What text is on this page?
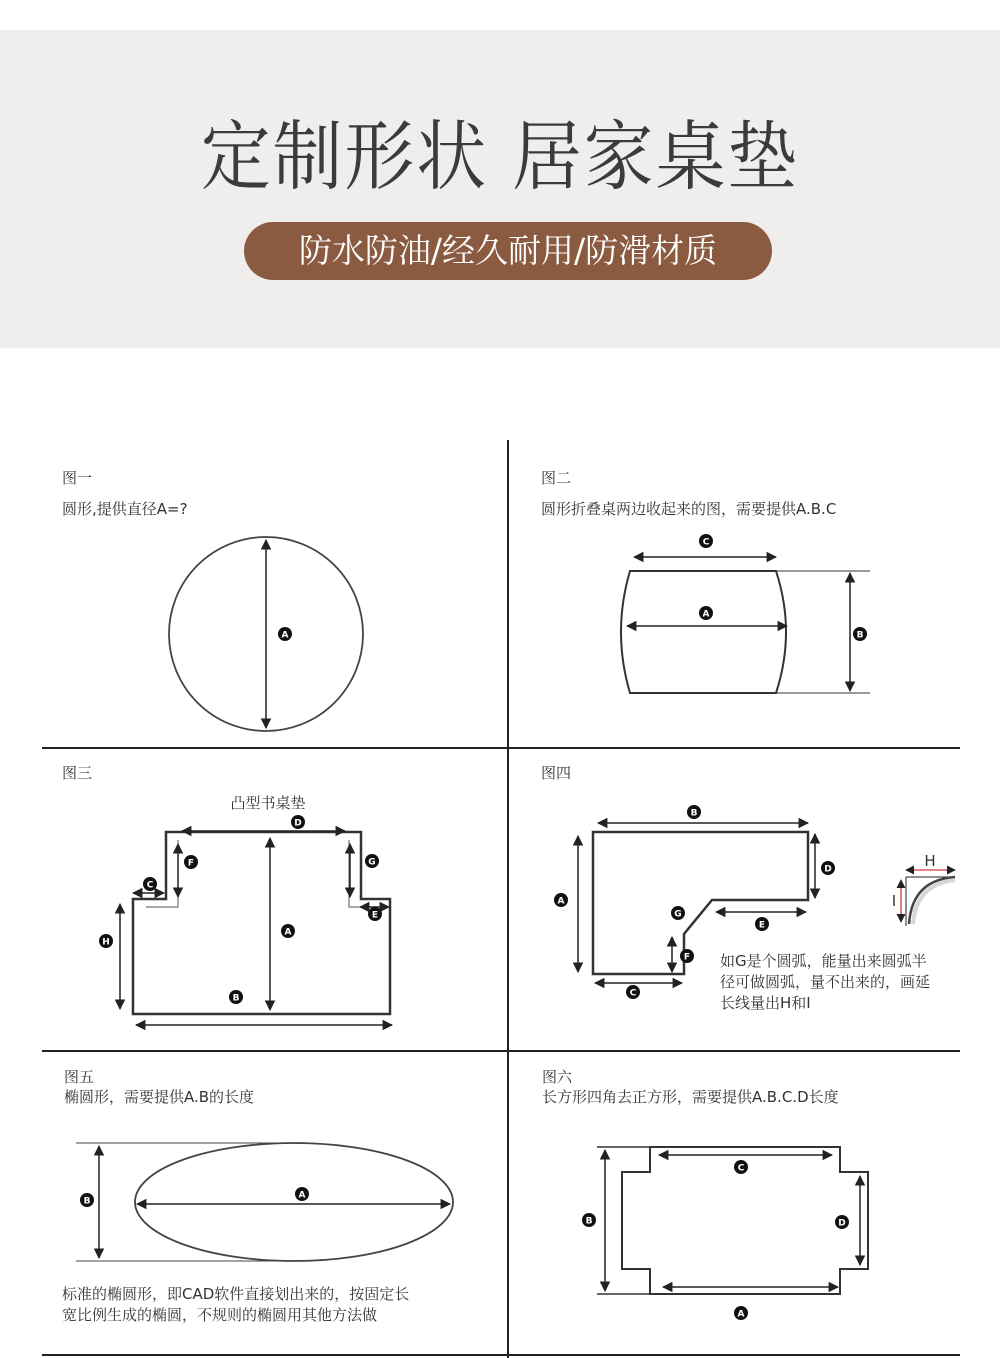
定制形状 居家桌垫
防水防油/经久耐用/防滑材质
图一
圆形,提供直径A=?
A
图二
圆形折叠桌两边收起来的图，需要提供A.B.C
C
A
B
图三
凸型书桌垫
D
F	G
C
E
H
A
B
图四
B
D
A
G
E
F
C
H
I
如G是个圆弧，能量出来圆弧半
径可做圆弧，量不出来的，画延
长线量出H和I
图五
椭圆形，需要提供A.B的长度
B
A
标准的椭圆形，即CAD软件直接划出来的，按固定长
宽比例生成的椭圆，不规则的椭圆用其他方法做
图六
长方形四角去正方形，需要提供A.B.C.D长度
C
B	D
A
